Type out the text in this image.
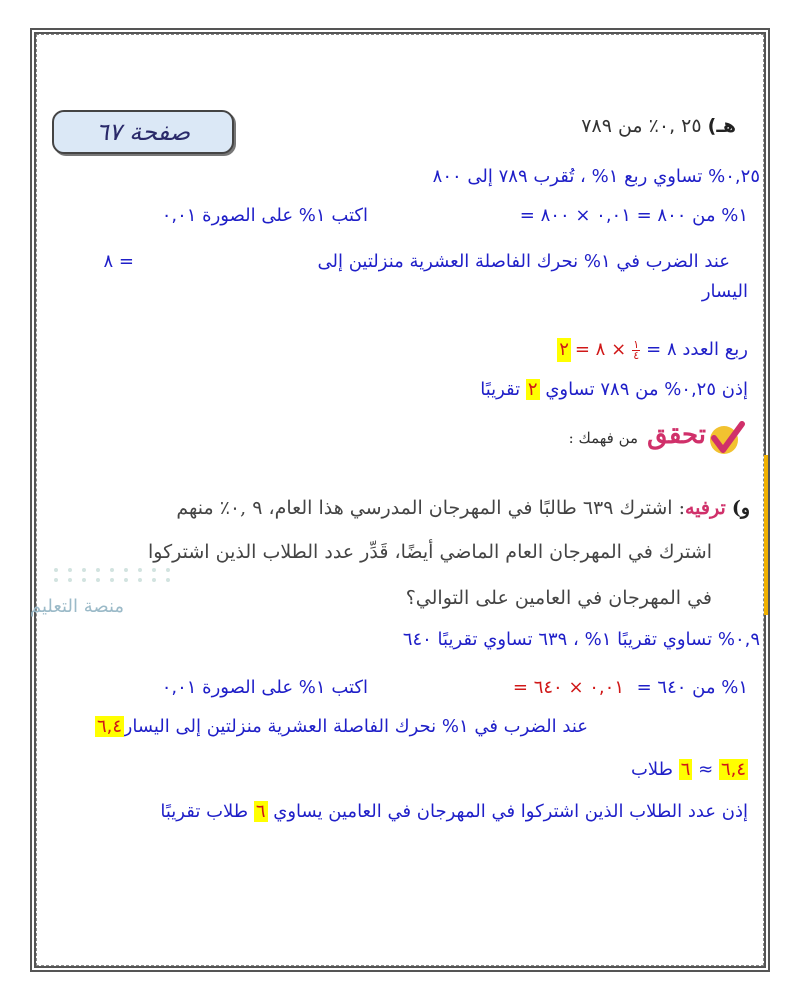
صفحة ٦٧	هـ) ٢٥ ,٠٪ من ٧٨٩
٠,٢٥% تساوي ربع ١% ، تُقرب ٧٨٩ إلى ٨٠٠
١% من ٨٠٠ = ٠,٠١ × ٨٠٠ =
اكتب ١% على الصورة ٠,٠١
عند الضرب في ١% نحرك الفاصلة العشرية منزلتين إلى
= ٨
اليسار
ربع العدد ٨ =
$\frac{١}{٤}$
× ٨ =
٢
إذن ٠,٢٥% من ٧٨٩ تساوي ٢ تقريبًا
تحقق من فهمك :
و) ترفيه: اشترك ٦٣٩ طالبًا في المهرجان المدرسي هذا العام، ٩ ,٠٪ منهم
اشترك في المهرجان العام الماضي أيضًا، قَدِّر عدد الطلاب الذين اشتركوا
في المهرجان في العامين على التوالي؟
منصة التعليم
٠,٩% تساوي تقريبًا ١% ، ٦٣٩ تساوي تقريبًا ٦٤٠
١% من ٦٤٠ =
٠,٠١ × ٦٤٠ =
اكتب ١% على الصورة ٠,٠١
عند الضرب في ١% نحرك الفاصلة العشرية منزلتين إلى اليسار
٦,٤
٦,٤ ≈ ٦ طلاب
إذن عدد الطلاب الذين اشتركوا في المهرجان في العامين يساوي ٦ طلاب تقريبًا
